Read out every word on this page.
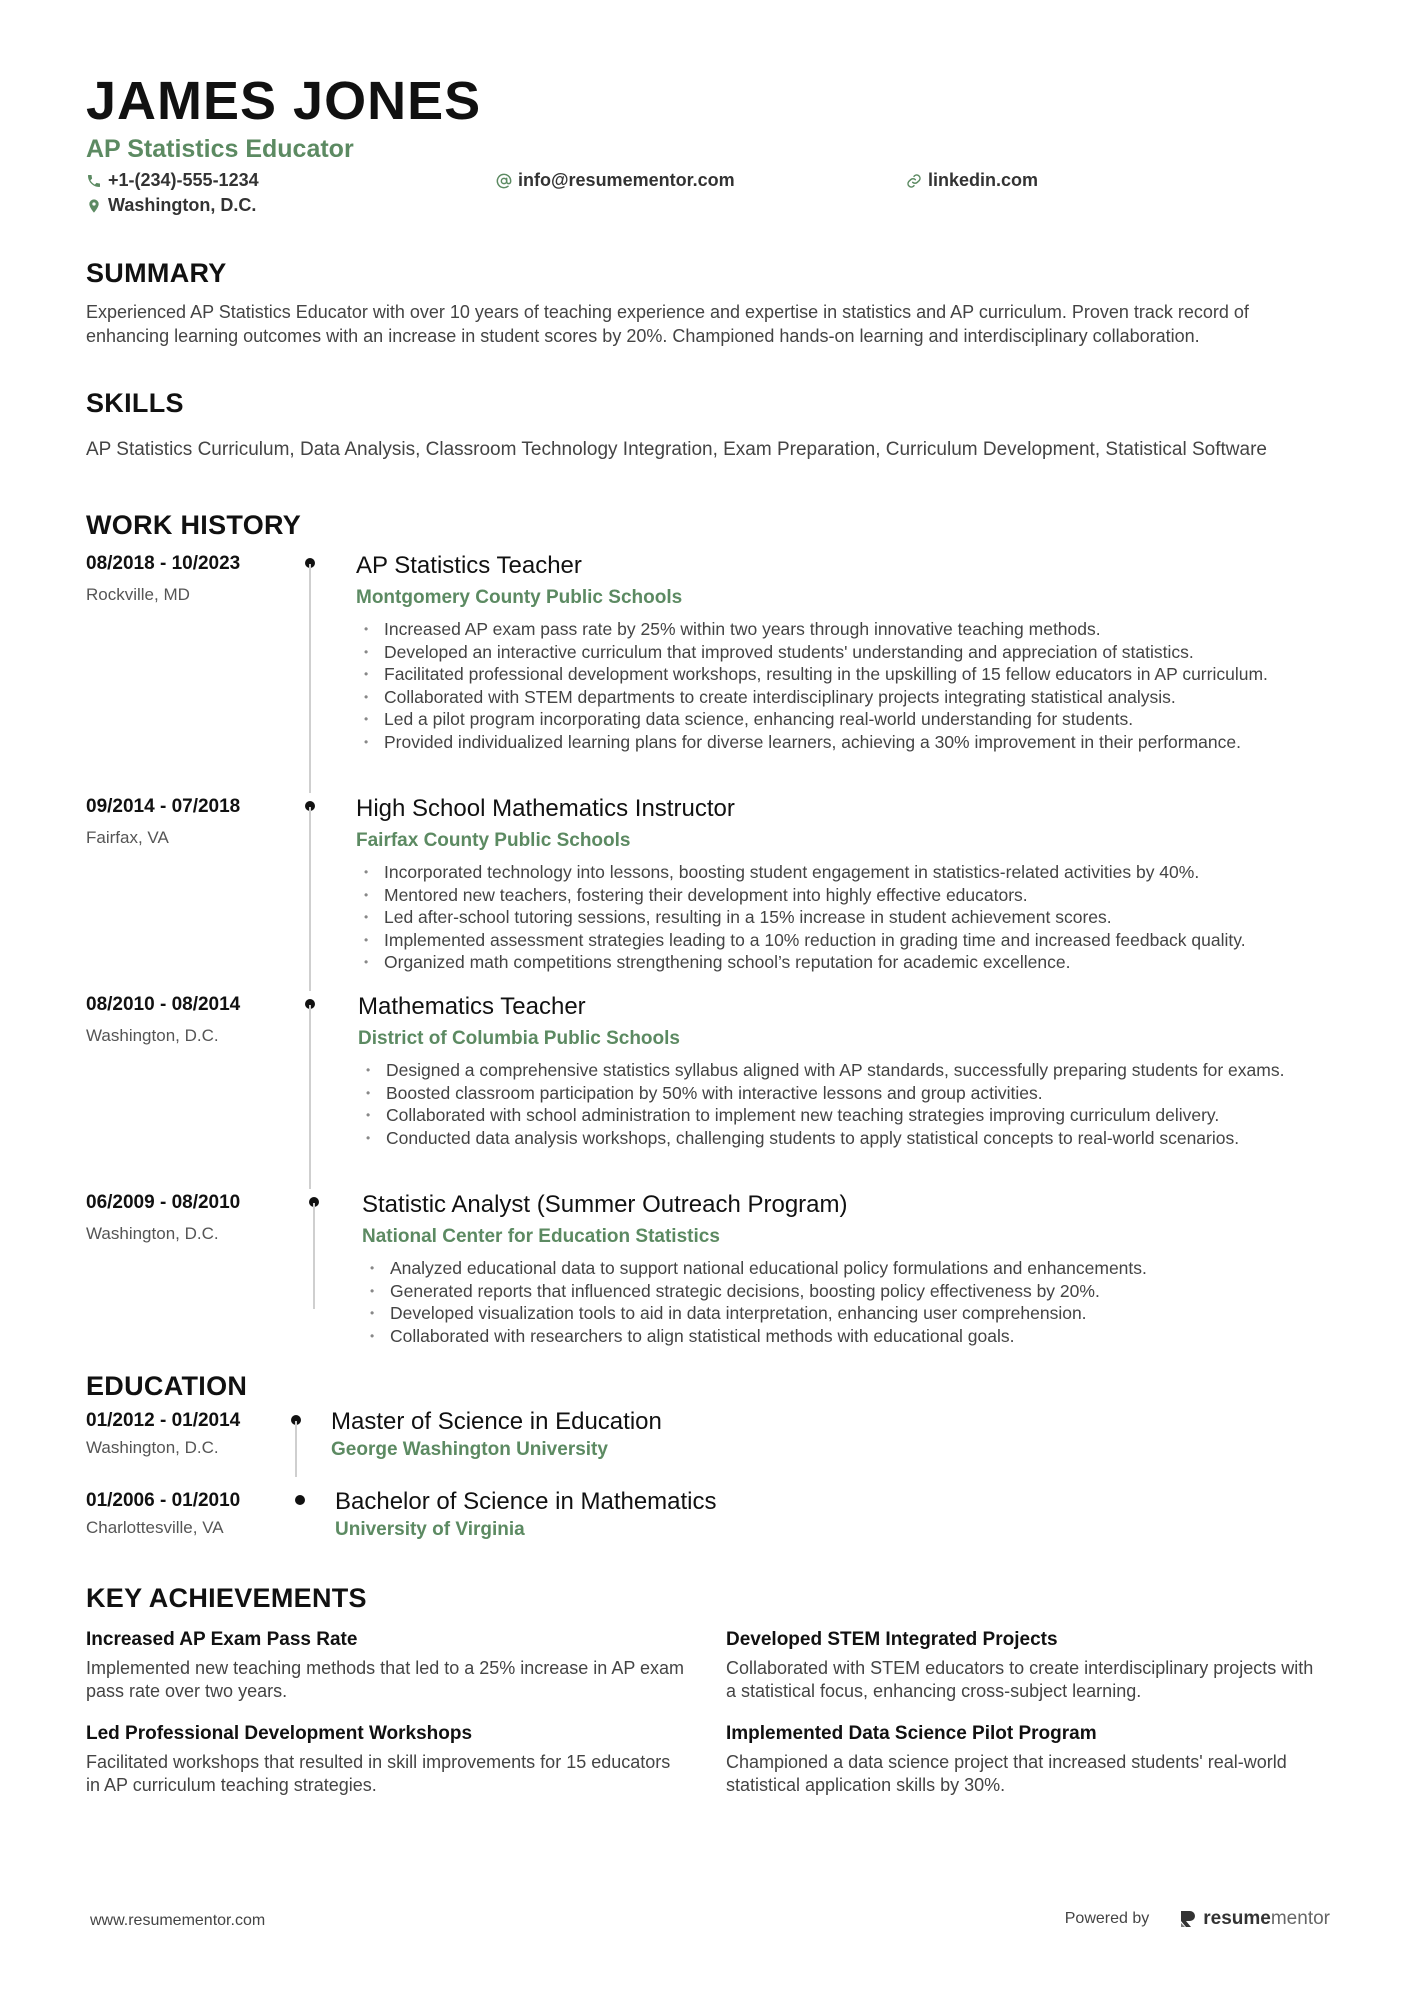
JAMES JONES
AP Statistics Educator
+1-(234)-555-1234	info@resumementor.com	linkedin.com
Washington, D.C.
SUMMARY
Experienced AP Statistics Educator with over 10 years of teaching experience and expertise in statistics and AP curriculum. Proven track record of enhancing learning outcomes with an increase in student scores by 20%. Championed hands-on learning and interdisciplinary collaboration.
SKILLS
AP Statistics Curriculum, Data Analysis, Classroom Technology Integration, Exam Preparation, Curriculum Development, Statistical Software
WORK HISTORY
08/2018 - 10/2023
Rockville, MD
AP Statistics Teacher
Montgomery County Public Schools
• Increased AP exam pass rate by 25% within two years through innovative teaching methods.
• Developed an interactive curriculum that improved students' understanding and appreciation of statistics.
• Facilitated professional development workshops, resulting in the upskilling of 15 fellow educators in AP curriculum.
• Collaborated with STEM departments to create interdisciplinary projects integrating statistical analysis.
• Led a pilot program incorporating data science, enhancing real-world understanding for students.
• Provided individualized learning plans for diverse learners, achieving a 30% improvement in their performance.
09/2014 - 07/2018
Fairfax, VA
High School Mathematics Instructor
Fairfax County Public Schools
• Incorporated technology into lessons, boosting student engagement in statistics-related activities by 40%.
• Mentored new teachers, fostering their development into highly effective educators.
• Led after-school tutoring sessions, resulting in a 15% increase in student achievement scores.
• Implemented assessment strategies leading to a 10% reduction in grading time and increased feedback quality.
• Organized math competitions strengthening school’s reputation for academic excellence.
08/2010 - 08/2014
Washington, D.C.
Mathematics Teacher
District of Columbia Public Schools
• Designed a comprehensive statistics syllabus aligned with AP standards, successfully preparing students for exams.
• Boosted classroom participation by 50% with interactive lessons and group activities.
• Collaborated with school administration to implement new teaching strategies improving curriculum delivery.
• Conducted data analysis workshops, challenging students to apply statistical concepts to real-world scenarios.
06/2009 - 08/2010
Washington, D.C.
Statistic Analyst (Summer Outreach Program)
National Center for Education Statistics
• Analyzed educational data to support national educational policy formulations and enhancements.
• Generated reports that influenced strategic decisions, boosting policy effectiveness by 20%.
• Developed visualization tools to aid in data interpretation, enhancing user comprehension.
• Collaborated with researchers to align statistical methods with educational goals.
EDUCATION
01/2012 - 01/2014
Washington, D.C.
Master of Science in Education
George Washington University
01/2006 - 01/2010
Charlottesville, VA
Bachelor of Science in Mathematics
University of Virginia
KEY ACHIEVEMENTS
Increased AP Exam Pass Rate
Implemented new teaching methods that led to a 25% increase in AP exam pass rate over two years.
Developed STEM Integrated Projects
Collaborated with STEM educators to create interdisciplinary projects with a statistical focus, enhancing cross-subject learning.
Led Professional Development Workshops
Facilitated workshops that resulted in skill improvements for 15 educators in AP curriculum teaching strategies.
Implemented Data Science Pilot Program
Championed a data science project that increased students' real-world statistical application skills by 30%.
www.resumementor.com	Powered by	resumementor
